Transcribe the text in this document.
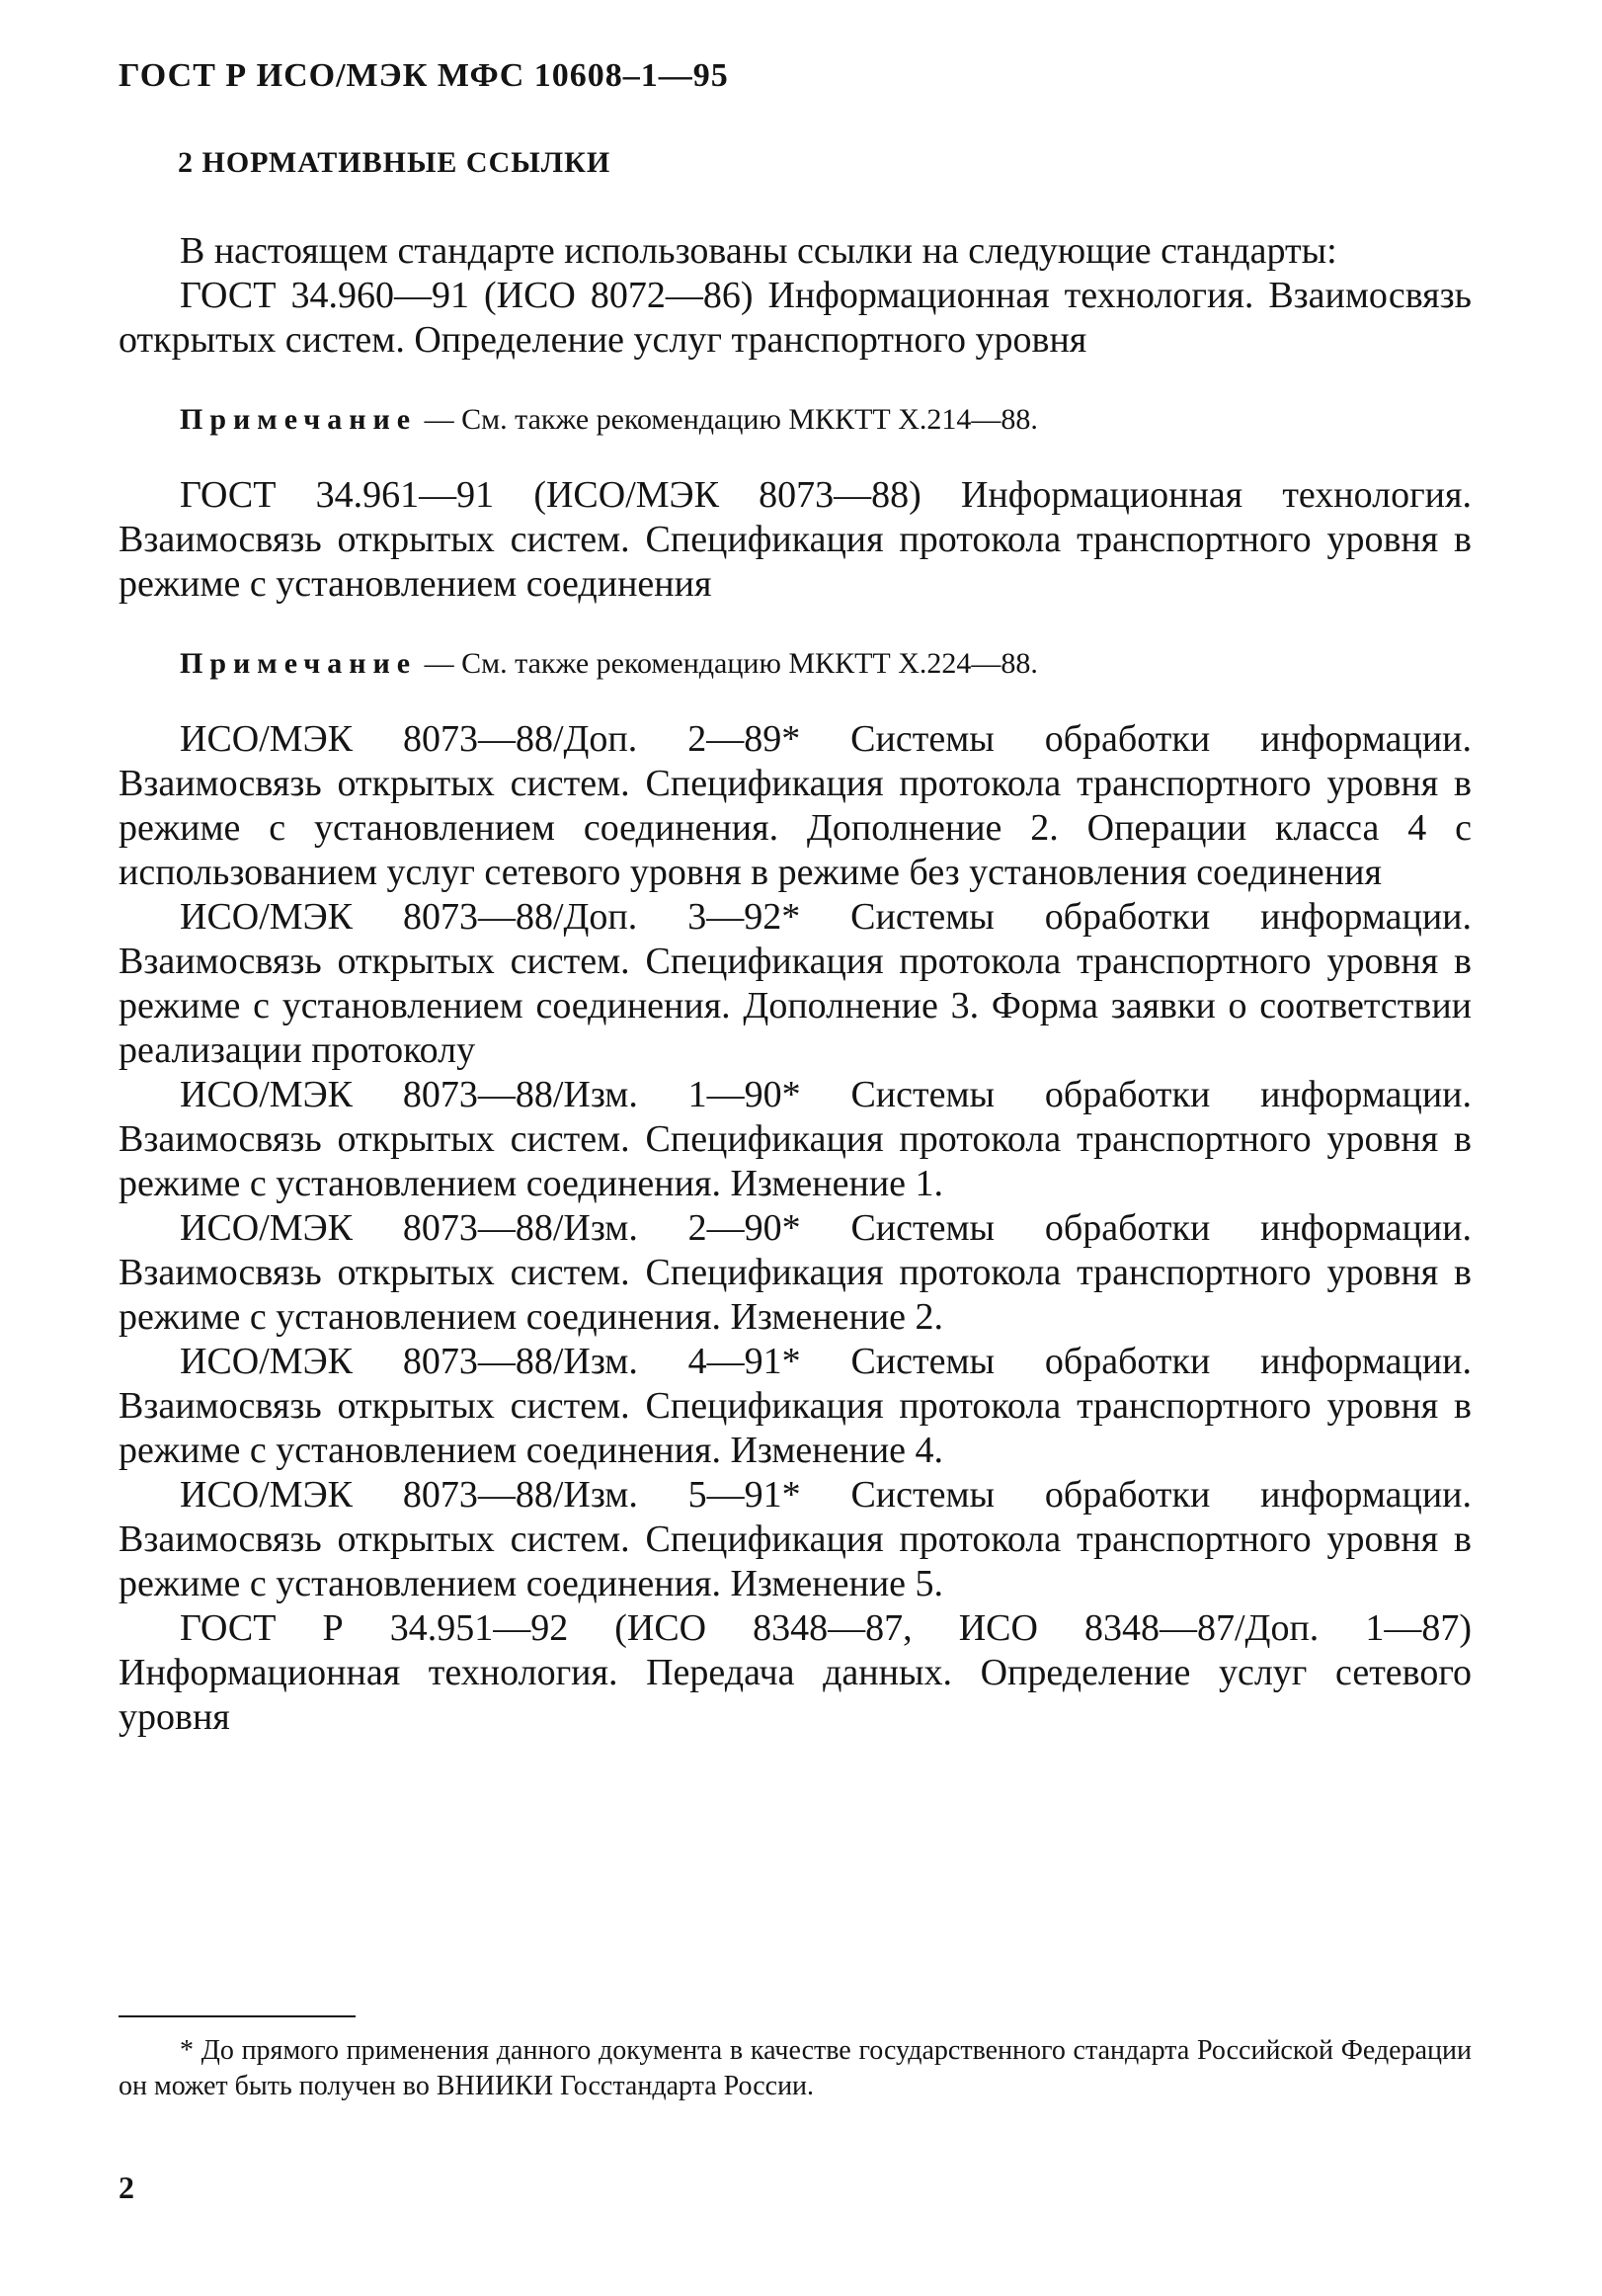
ГОСТ Р ИСО/МЭК МФС 10608–1—95
2 НОРМАТИВНЫЕ ССЫЛКИ

В настоящем стандарте использованы ссылки на следующие стандарты:

ГОСТ 34.960—91 (ИСО 8072—86) Информационная технология. Взаимосвязь открытых систем. Определение услуг транспортного уровня

Примечание — См. также рекомендацию МККТТ Х.214—88.

ГОСТ 34.961—91 (ИСО/МЭК 8073—88) Информационная технология. Взаимосвязь открытых систем. Спецификация протокола транспортного уровня в режиме с установлением соединения

Примечание — См. также рекомендацию МККТТ Х.224—88.

ИСО/МЭК 8073—88/Доп. 2—89* Системы обработки информации. Взаимосвязь открытых систем. Спецификация протокола транспортного уровня в режиме с установлением соединения. Дополнение 2. Операции класса 4 с использованием услуг сетевого уровня в режиме без установления соединения

ИСО/МЭК 8073—88/Доп. 3—92* Системы обработки информации. Взаимосвязь открытых систем. Спецификация протокола транспортного уровня в режиме с установлением соединения. Дополнение 3. Форма заявки о соответствии реализации протоколу

ИСО/МЭК 8073—88/Изм. 1—90* Системы обработки информации. Взаимосвязь открытых систем. Спецификация протокола транспортного уровня в режиме с установлением соединения. Изменение 1.

ИСО/МЭК 8073—88/Изм. 2—90* Системы обработки информации. Взаимосвязь открытых систем. Спецификация протокола транспортного уровня в режиме с установлением соединения. Изменение 2.

ИСО/МЭК 8073—88/Изм. 4—91* Системы обработки информации. Взаимосвязь открытых систем. Спецификация протокола транспортного уровня в режиме с установлением соединения. Изменение 4.

ИСО/МЭК 8073—88/Изм. 5—91* Системы обработки информации. Взаимосвязь открытых систем. Спецификация протокола транспортного уровня в режиме с установлением соединения. Изменение 5.

ГОСТ Р 34.951—92 (ИСО 8348—87, ИСО 8348—87/Доп. 1—87) Информационная технология. Передача данных. Определение услуг сетевого уровня

* До прямого применения данного документа в качестве государственного стандарта Российской Федерации он может быть получен во ВНИИКИ Госстандарта России.
2
